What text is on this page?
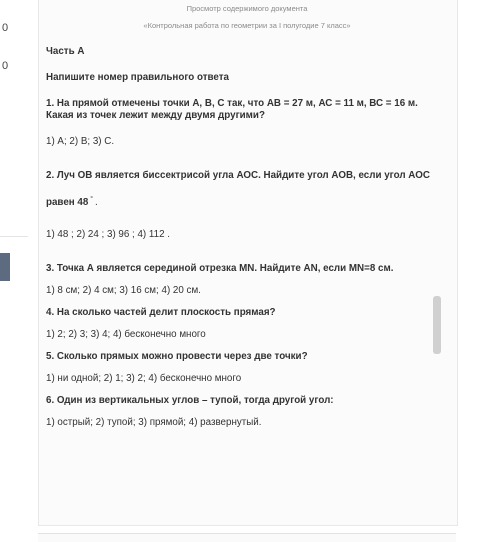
0
0
Просмотр содержимого документа
«Контрольная работа по геометрии за I полугодие 7 класс»

Часть А

Напишите номер правильного ответа

1. На прямой отмечены точки А, В, С так, что АВ = 27 м, АС = 11 м, ВС = 16 м. Какая из точек лежит между двумя другими?

1) А; 2) В; 3) С.

2. Луч ОВ является биссектрисой угла АОС. Найдите угол АОВ, если угол АОС равен 48 ° .

1) 48 ; 2) 24 ; 3) 96 ; 4) 112 .

3. Точка А является серединой отрезка MN. Найдите AN, если MN=8 см.

1) 8 см; 2) 4 см; 3) 16 см; 4) 20 см.

4. На сколько частей делит плоскость прямая?

1) 2; 2) 3; 3) 4; 4) бесконечно много

5. Сколько прямых можно провести через две точки?

1) ни одной; 2) 1; 3) 2; 4) бесконечно много

6. Один из вертикальных углов – тупой, тогда другой угол:

1) острый; 2) тупой; 3) прямой; 4) развернутый.
